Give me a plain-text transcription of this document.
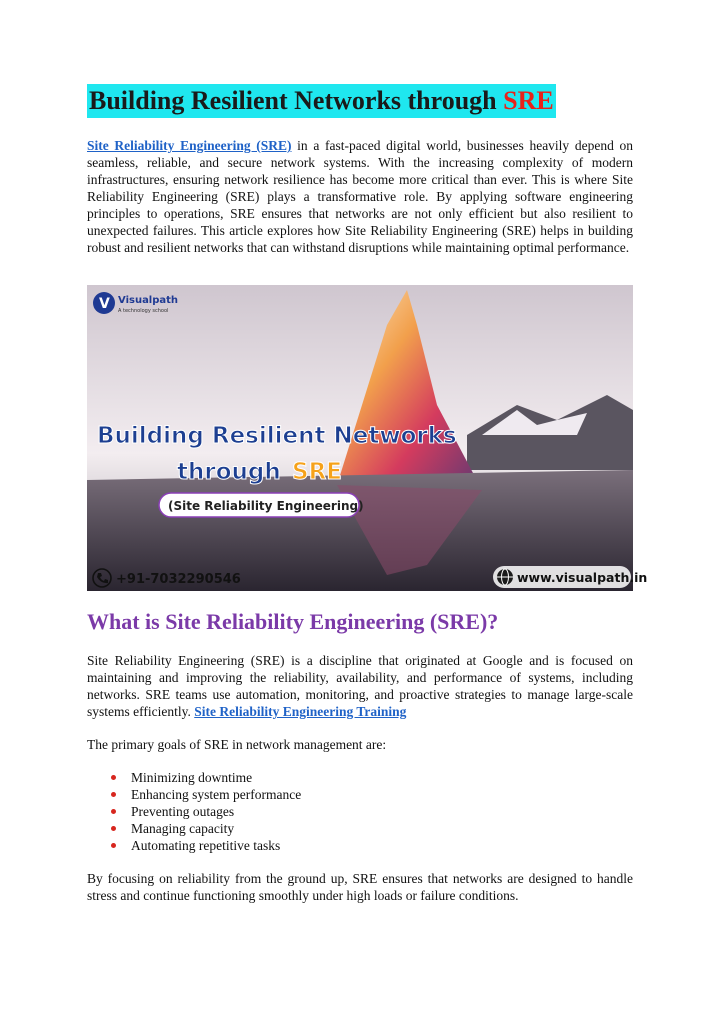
Building Resilient Networks through SRE

Site Reliability Engineering (SRE) in a fast-paced digital world, businesses heavily depend on seamless, reliable, and secure network systems. With the increasing complexity of modern infrastructures, ensuring network resilience has become more critical than ever. This is where Site Reliability Engineering (SRE) plays a transformative role. By applying software engineering principles to operations, SRE ensures that networks are not only efficient but also resilient to unexpected failures. This article explores how Site Reliability Engineering (SRE) helps in building robust and resilient networks that can withstand disruptions while maintaining optimal performance.

V Visualpath
A technology school
Building Resilient Networks
through SRE
(Site Reliability Engineering)
+91-7032290546	www.visualpath.in
What is Site Reliability Engineering (SRE)?

Site Reliability Engineering (SRE) is a discipline that originated at Google and is focused on maintaining and improving the reliability, availability, and performance of systems, including networks. SRE teams use automation, monitoring, and proactive strategies to manage large-scale systems efficiently. Site Reliability Engineering Training

The primary goals of SRE in network management are:

Minimizing downtime
Enhancing system performance
Preventing outages
Managing capacity
Automating repetitive tasks

By focusing on reliability from the ground up, SRE ensures that networks are designed to handle stress and continue functioning smoothly under high loads or failure conditions.
